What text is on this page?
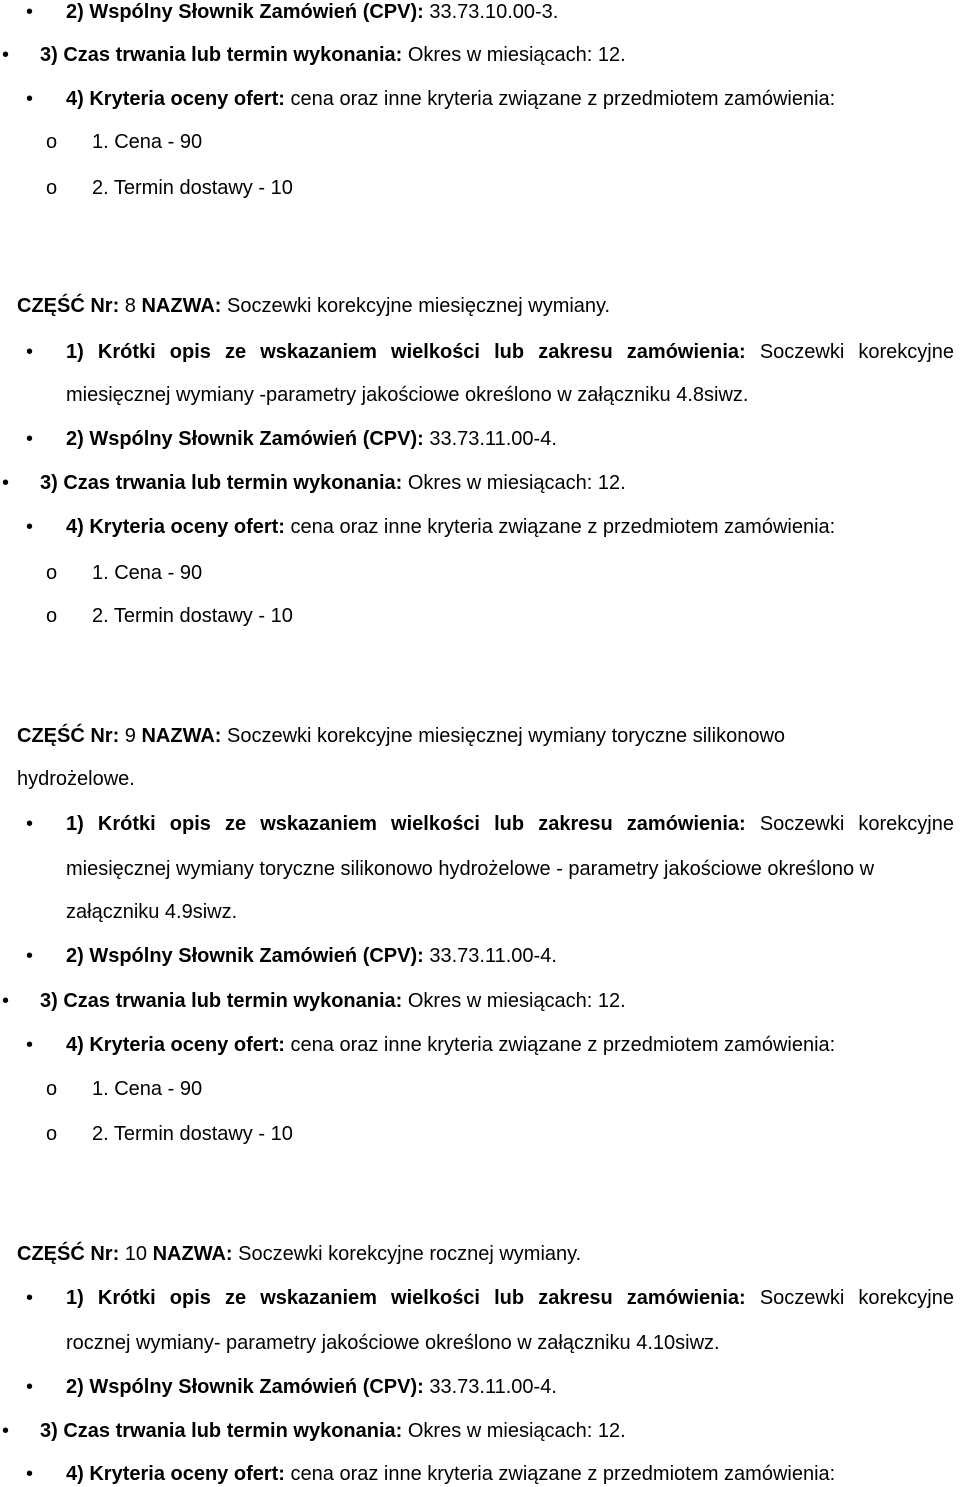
• 2) Wspólny Słownik Zamówień (CPV): 33.73.10.00-3.
• 3) Czas trwania lub termin wykonania: Okres w miesiącach: 12.
• 4) Kryteria oceny ofert: cena oraz inne kryteria związane z przedmiotem zamówienia:
o 1. Cena - 90
o 2. Termin dostawy - 10
CZĘŚĆ Nr: 8 NAZWA: Soczewki korekcyjne miesięcznej wymiany.
• 1) Krótki opis ze wskazaniem wielkości lub zakresu zamówienia: Soczewki korekcyjne
miesięcznej wymiany -parametry jakościowe określono w załączniku 4.8siwz.
• 2) Wspólny Słownik Zamówień (CPV): 33.73.11.00-4.
• 3) Czas trwania lub termin wykonania: Okres w miesiącach: 12.
• 4) Kryteria oceny ofert: cena oraz inne kryteria związane z przedmiotem zamówienia:
o 1. Cena - 90
o 2. Termin dostawy - 10
CZĘŚĆ Nr: 9 NAZWA: Soczewki korekcyjne miesięcznej wymiany toryczne silikonowo
hydrożelowe.
• 1) Krótki opis ze wskazaniem wielkości lub zakresu zamówienia: Soczewki korekcyjne
miesięcznej wymiany toryczne silikonowo hydrożelowe - parametry jakościowe określono w
załączniku 4.9siwz.
• 2) Wspólny Słownik Zamówień (CPV): 33.73.11.00-4.
• 3) Czas trwania lub termin wykonania: Okres w miesiącach: 12.
• 4) Kryteria oceny ofert: cena oraz inne kryteria związane z przedmiotem zamówienia:
o 1. Cena - 90
o 2. Termin dostawy - 10
CZĘŚĆ Nr: 10 NAZWA: Soczewki korekcyjne rocznej wymiany.
• 1) Krótki opis ze wskazaniem wielkości lub zakresu zamówienia: Soczewki korekcyjne
rocznej wymiany- parametry jakościowe określono w załączniku 4.10siwz.
• 2) Wspólny Słownik Zamówień (CPV): 33.73.11.00-4.
• 3) Czas trwania lub termin wykonania: Okres w miesiącach: 12.
• 4) Kryteria oceny ofert: cena oraz inne kryteria związane z przedmiotem zamówienia:
